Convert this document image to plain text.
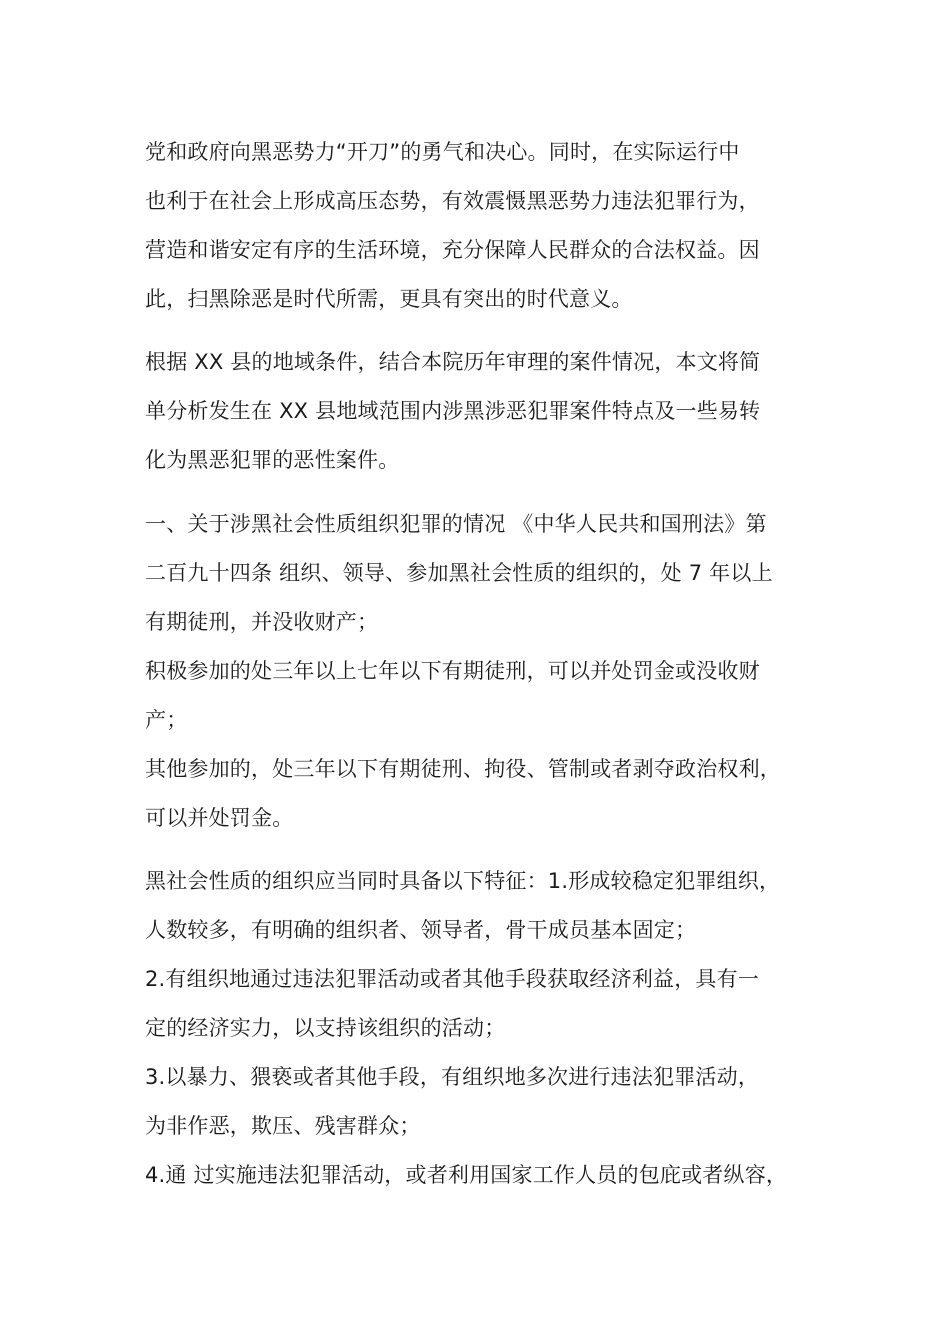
党和政府向黑恶势力“开刀”的勇气和决心。同时，在实际运行中
也利于在社会上形成高压态势，有效震慑黑恶势力违法犯罪行为，
营造和谐安定有序的生活环境，充分保障人民群众的合法权益。因
此，扫黑除恶是时代所需，更具有突出的时代意义。
根据 XX 县的地域条件，结合本院历年审理的案件情况，本文将简
单分析发生在 XX 县地域范围内涉黑涉恶犯罪案件特点及一些易转
化为黑恶犯罪的恶性案件。
一、关于涉黑社会性质组织犯罪的情况 《中华人民共和国刑法》第
二百九十四条 组织、领导、参加黑社会性质的组织的，处 7 年以上
有期徒刑，并没收财产；
积极参加的处三年以上七年以下有期徒刑，可以并处罚金或没收财
产；
其他参加的，处三年以下有期徒刑、拘役、管制或者剥夺政治权利，
可以并处罚金。
黑社会性质的组织应当同时具备以下特征：1.形成较稳定犯罪组织，
人数较多，有明确的组织者、领导者，骨干成员基本固定；
2.有组织地通过违法犯罪活动或者其他手段获取经济利益，具有一
定的经济实力，以支持该组织的活动；
3.以暴力、猥亵或者其他手段，有组织地多次进行违法犯罪活动，
为非作恶，欺压、残害群众；
4.通 过实施违法犯罪活动，或者利用国家工作人员的包庇或者纵容，
